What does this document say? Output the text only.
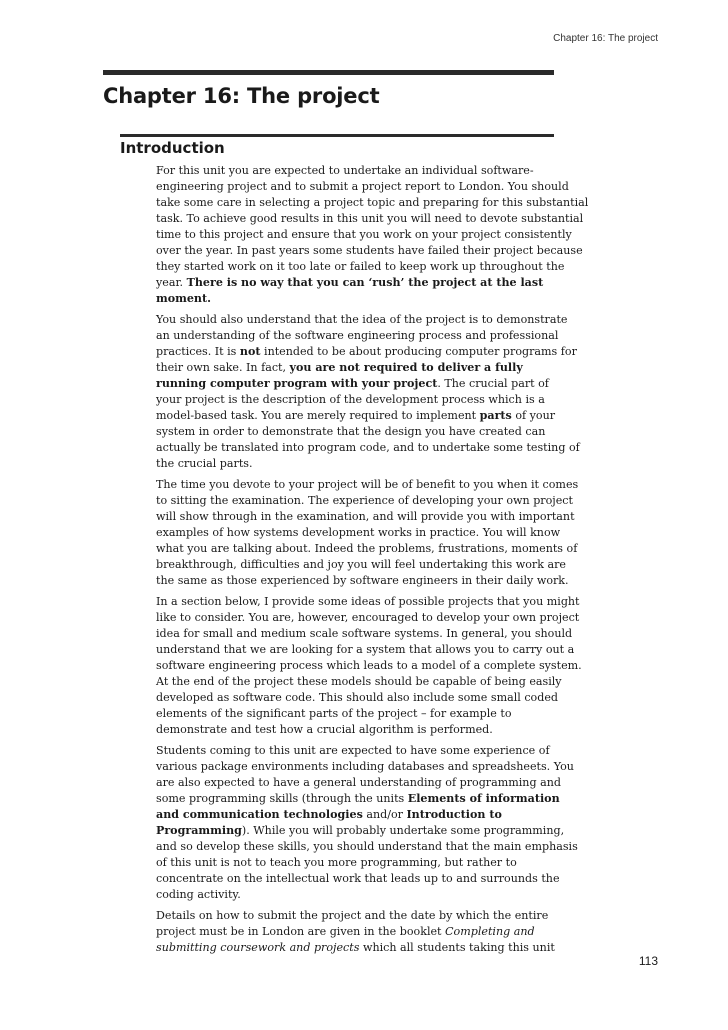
Chapter 16: The project
Chapter 16: The project
Introduction

For this unit you are expected to undertake an individual software-
engineering project and to submit a project report to London. You should
take some care in selecting a project topic and preparing for this substantial
task. To achieve good results in this unit you will need to devote substantial
time to this project and ensure that you work on your project consistently
over the year. In past years some students have failed their project because
they started work on it too late or failed to keep work up throughout the
year. There is no way that you can ‘rush’ the project at the last
moment.

You should also understand that the idea of the project is to demonstrate
an understanding of the software engineering process and professional
practices. It is not intended to be about producing computer programs for
their own sake. In fact, you are not required to deliver a fully
running computer program with your project. The crucial part of
your project is the description of the development process which is a
model-based task. You are merely required to implement parts of your
system in order to demonstrate that the design you have created can
actually be translated into program code, and to undertake some testing of
the crucial parts.

The time you devote to your project will be of benefit to you when it comes
to sitting the examination. The experience of developing your own project
will show through in the examination, and will provide you with important
examples of how systems development works in practice. You will know
what you are talking about. Indeed the problems, frustrations, moments of
breakthrough, difficulties and joy you will feel undertaking this work are
the same as those experienced by software engineers in their daily work.

In a section below, I provide some ideas of possible projects that you might
like to consider. You are, however, encouraged to develop your own project
idea for small and medium scale software systems. In general, you should
understand that we are looking for a system that allows you to carry out a
software engineering process which leads to a model of a complete system.
At the end of the project these models should be capable of being easily
developed as software code. This should also include some small coded
elements of the significant parts of the project – for example to
demonstrate and test how a crucial algorithm is performed.

Students coming to this unit are expected to have some experience of
various package environments including databases and spreadsheets. You
are also expected to have a general understanding of programming and
some programming skills (through the units Elements of information
and communication technologies and/or Introduction to
Programming). While you will probably undertake some programming,
and so develop these skills, you should understand that the main emphasis
of this unit is not to teach you more programming, but rather to
concentrate on the intellectual work that leads up to and surrounds the
coding activity.

Details on how to submit the project and the date by which the entire
project must be in London are given in the booklet Completing and
submitting coursework and projects which all students taking this unit

113
